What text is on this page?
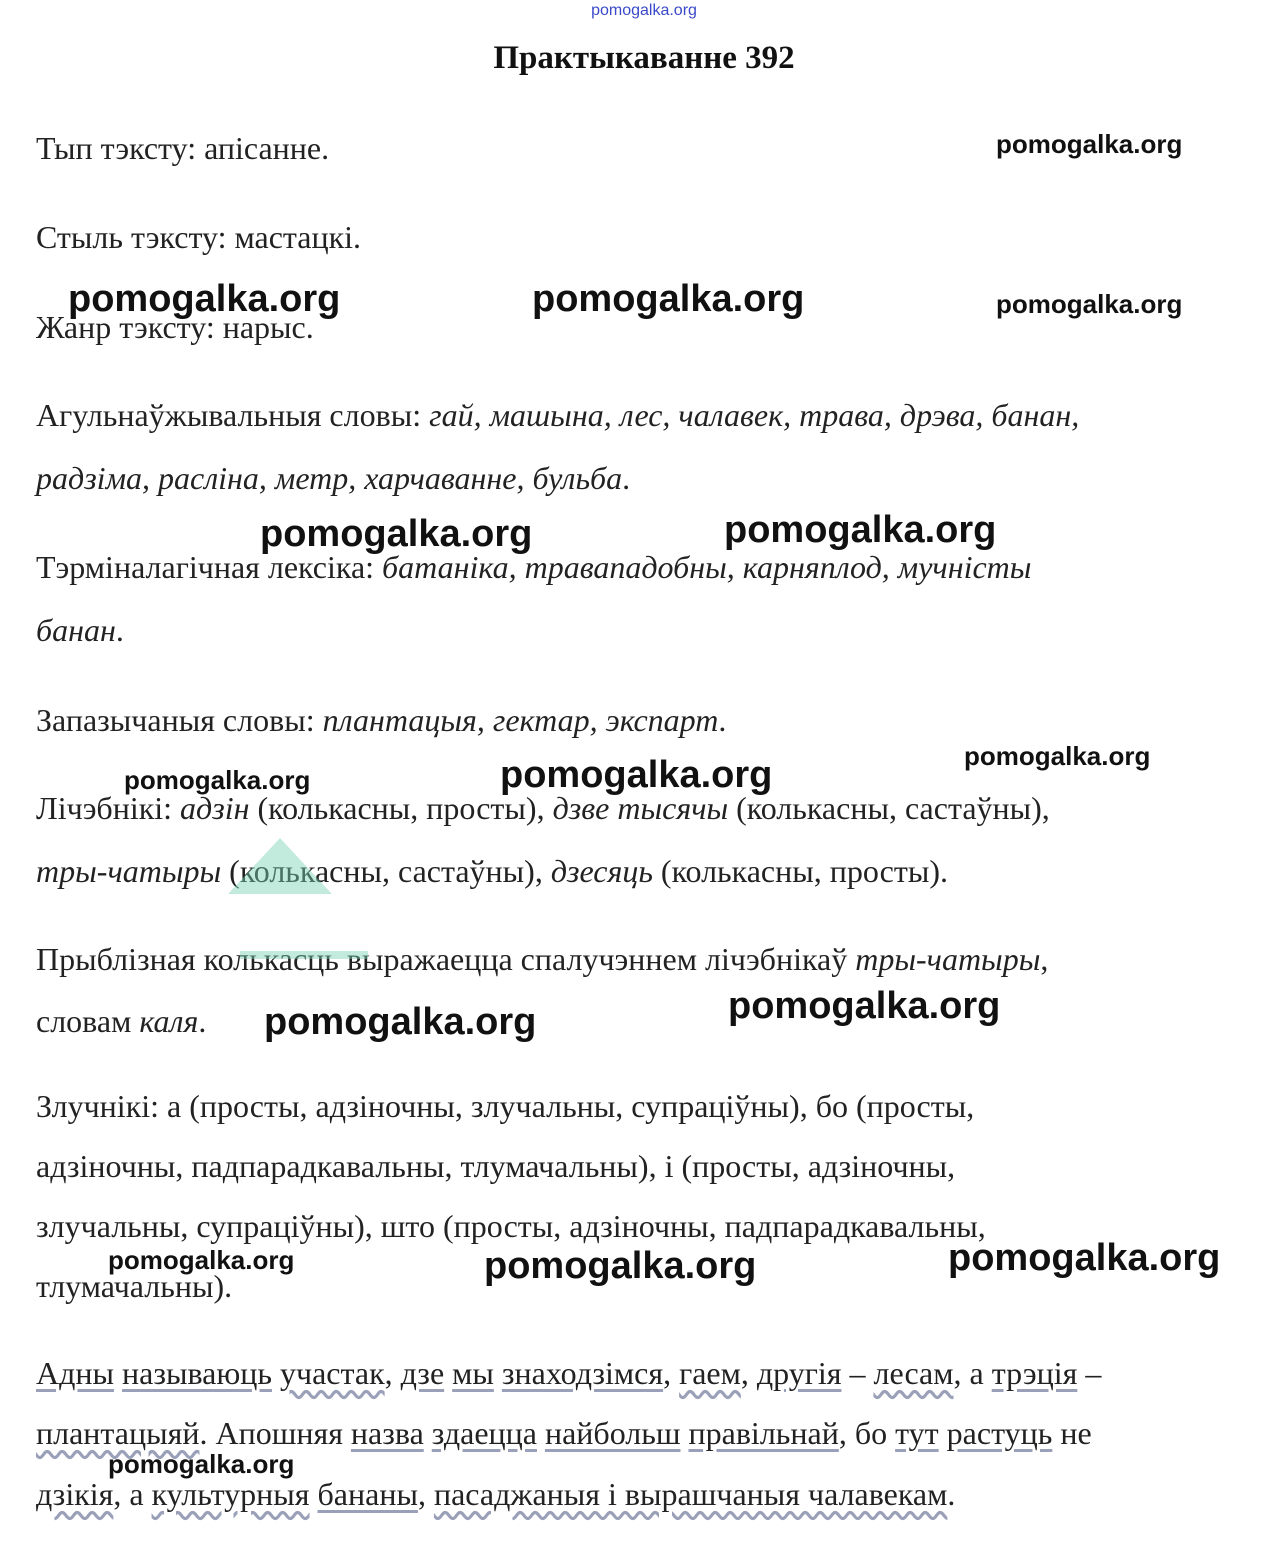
pomogalka.org
Практыкаванне 392
Тып тэксту: апісанне.
Стыль тэксту: мастацкі.
Жанр тэксту: нарыс.
Агульнаўжывальныя словы: гай, машына, лес, чалавек, трава, дрэва, банан,
радзіма, расліна, метр, харчаванне, бульба.
Тэрміналагічная лексіка: батаніка, травападобны, карняплод, мучністы
банан.
Запазычаныя словы: плантацыя, гектар, экспарт.
Лічэбнікі: адзін (колькасны, просты), дзве тысячы (колькасны, састаўны),
тры-чатыры (колькасны, састаўны), дзесяць (колькасны, просты).
Прыблізная колькасць выражаецца спалучэннем лічэбнікаў тры-чатыры,
словам каля.
Злучнікі: а (просты, адзіночны, злучальны, супраціўны), бо (просты,
адзіночны, падпарадкавальны, тлумачальны), і (просты, адзіночны,
злучальны, супраціўны), што (просты, адзіночны, падпарадкавальны,
тлумачальны).
Адны называюць участак, дзе мы знаходзімся, гаем, другія – лесам, а трэція –
плантацыяй. Апошняя назва здаецца найбольш правільнай, бо тут растуць не
дзікія, а культурныя бананы, пасаджаныя і вырашчаныя чалавекам.
pomogalka.org
pomogalka.org	pomogalka.org	pomogalka.org
pomogalka.org	pomogalka.org
pomogalka.org
pomogalka.org	pomogalka.org
pomogalka.org
pomogalka.org
pomogalka.org	pomogalka.org	pomogalka.org
pomogalka.org
